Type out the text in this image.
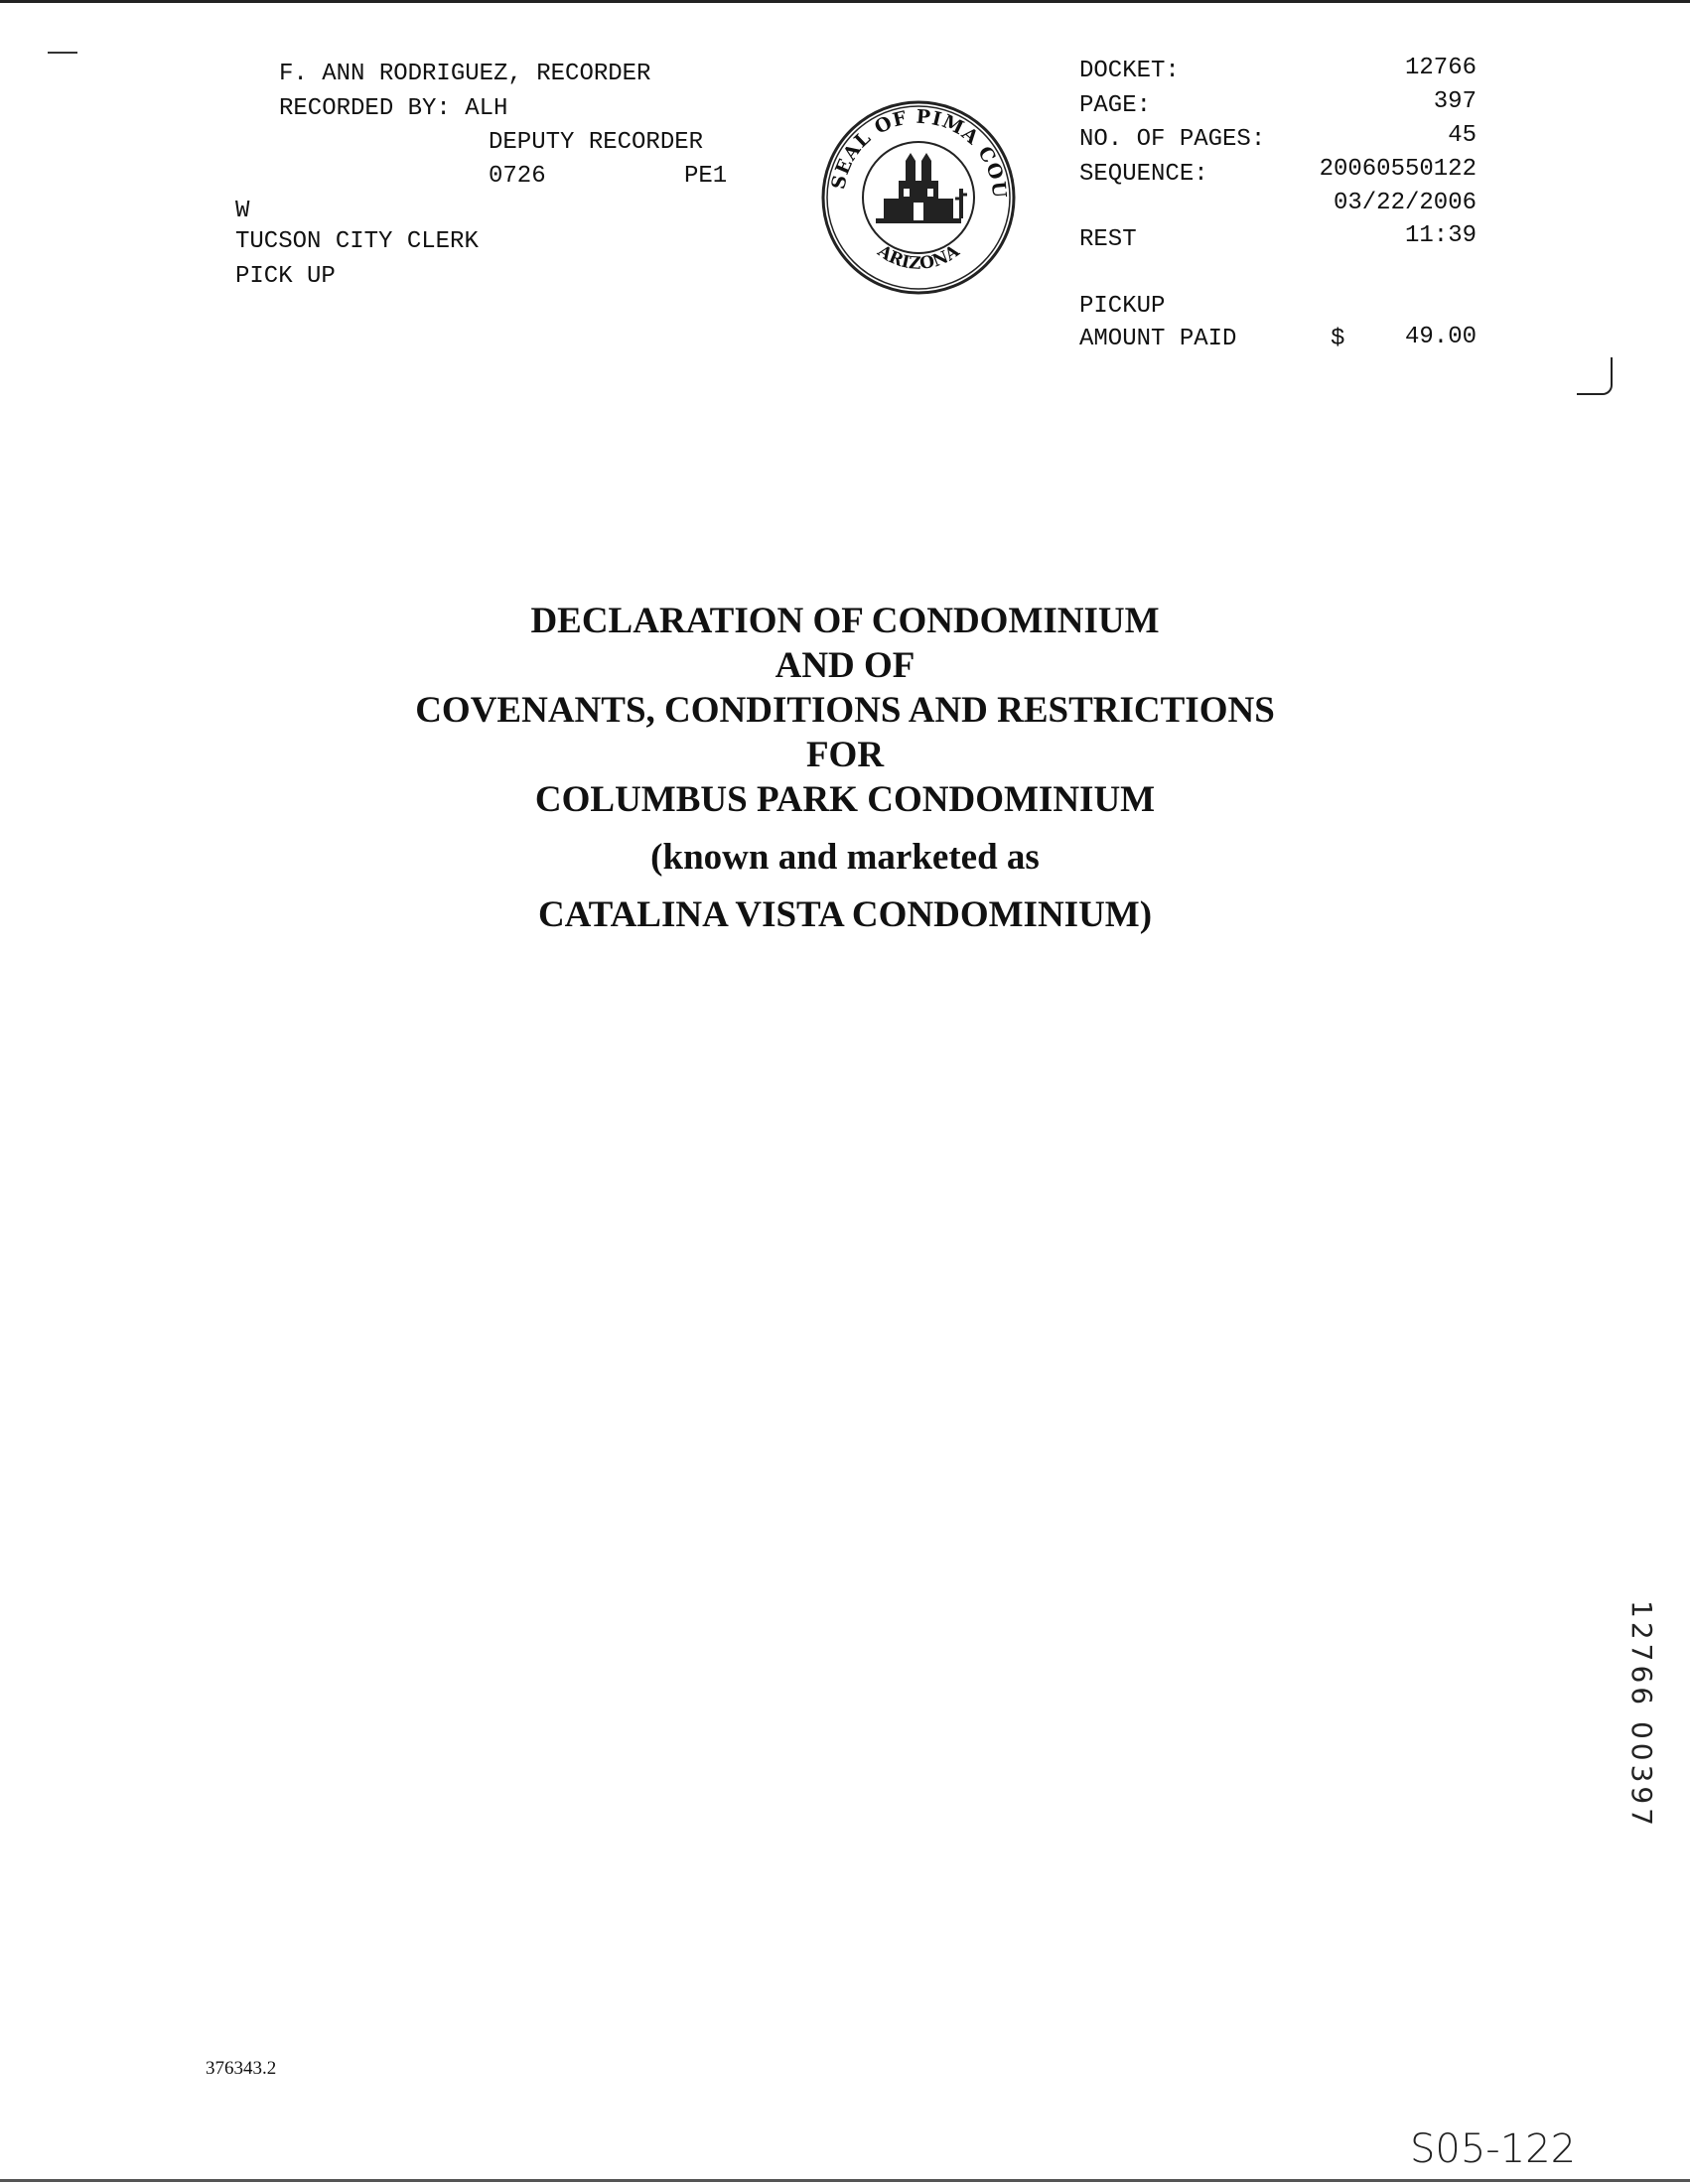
F. ANN RODRIGUEZ, RECORDER
RECORDED BY: ALH
DEPUTY RECORDER
0726	PE1
W
TUCSON CITY CLERK
PICK UP
SEAL OF PIMA COU
ARIZONA
DOCKET:	12766
PAGE:	397
NO. OF PAGES:	45
SEQUENCE:	20060550122
03/22/2006
REST	11:39
PICKUP
AMOUNT PAID	$	49.00
DECLARATION OF CONDOMINIUM
AND OF
COVENANTS, CONDITIONS AND RESTRICTIONS
FOR
COLUMBUS PARK CONDOMINIUM
(known and marketed as
CATALINA VISTA CONDOMINIUM)
12766 00397
376343.2
S05-122
